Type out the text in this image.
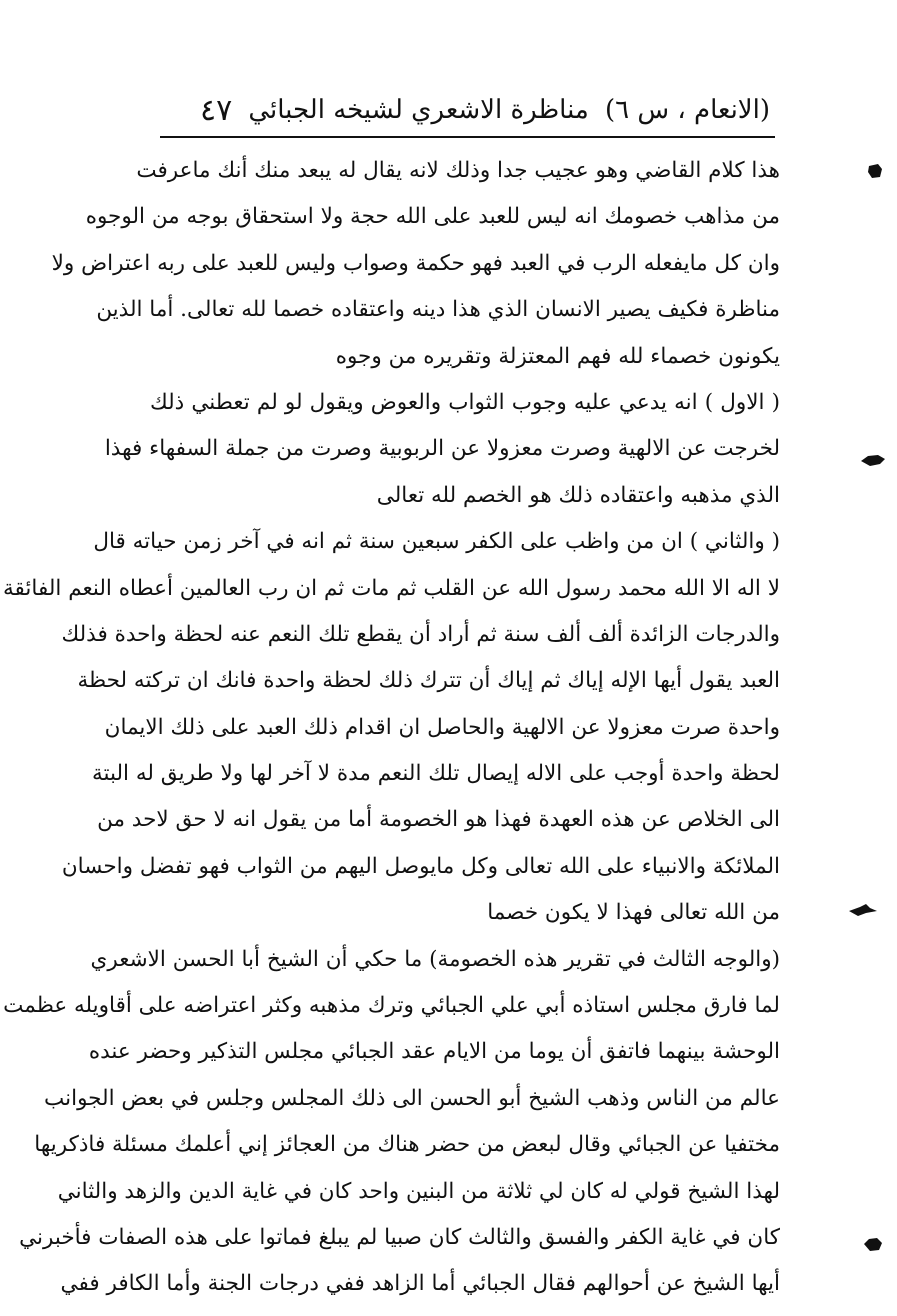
(الانعام ، س ٦)
مناظرة الاشعري لشيخه الجبائي
٤٧
هذا كلام القاضي وهو عجيب جدا وذلك لانه يقال له يبعد منك أنك ماعرفت
من مذاهب خصومك انه ليس للعبد على الله حجة ولا استحقاق بوجه من الوجوه
وان كل مايفعله الرب في العبد فهو حكمة وصواب وليس للعبد على ربه اعتراض ولا
مناظرة فكيف يصير الانسان الذي هذا دينه واعتقاده خصما لله تعالى. أما الذين
يكونون خصماء لله فهم المعتزلة وتقريره من وجوه
( الاول ) انه يدعي عليه وجوب الثواب والعوض ويقول لو لم تعطني ذلك
لخرجت عن الالهية وصرت معزولا عن الربوبية وصرت من جملة السفهاء فهذا
الذي مذهبه واعتقاده ذلك هو الخصم لله تعالى
( والثاني ) ان من واظب على الكفر سبعين سنة ثم انه في آخر زمن حياته قال
لا اله الا الله محمد رسول الله عن القلب ثم مات ثم ان رب العالمين أعطاه النعم الفائقة
والدرجات الزائدة ألف ألف سنة ثم أراد أن يقطع تلك النعم عنه لحظة واحدة فذلك
العبد يقول أيها الإله إياك ثم إياك أن تترك ذلك لحظة واحدة فانك ان تركته لحظة
واحدة صرت معزولا عن الالهية والحاصل ان اقدام ذلك العبد على ذلك الايمان
لحظة واحدة أوجب على الاله إيصال تلك النعم مدة لا آخر لها ولا طريق له البتة
الى الخلاص عن هذه العهدة فهذا هو الخصومة أما من يقول انه لا حق لاحد من
الملائكة والانبياء على الله تعالى وكل مايوصل اليهم من الثواب فهو تفضل واحسان
من الله تعالى فهذا لا يكون خصما
(والوجه الثالث في تقرير هذه الخصومة) ما حكي أن الشيخ أبا الحسن الاشعري
لما فارق مجلس استاذه أبي علي الجبائي وترك مذهبه وكثر اعتراضه على أقاويله عظمت
الوحشة بينهما فاتفق أن يوما من الايام عقد الجبائي مجلس التذكير وحضر عنده
عالم من الناس وذهب الشيخ أبو الحسن الى ذلك المجلس وجلس في بعض الجوانب
مختفيا عن الجبائي وقال لبعض من حضر هناك من العجائز إني أعلمك مسئلة فاذكريها
لهذا الشيخ قولي له كان لي ثلاثة من البنين واحد كان في غاية الدين والزهد والثاني
كان في غاية الكفر والفسق والثالث كان صبيا لم يبلغ فماتوا على هذه الصفات فأخبرني
أيها الشيخ عن أحوالهم فقال الجبائي أما الزاهد ففي درجات الجنة وأما الكافر ففي
